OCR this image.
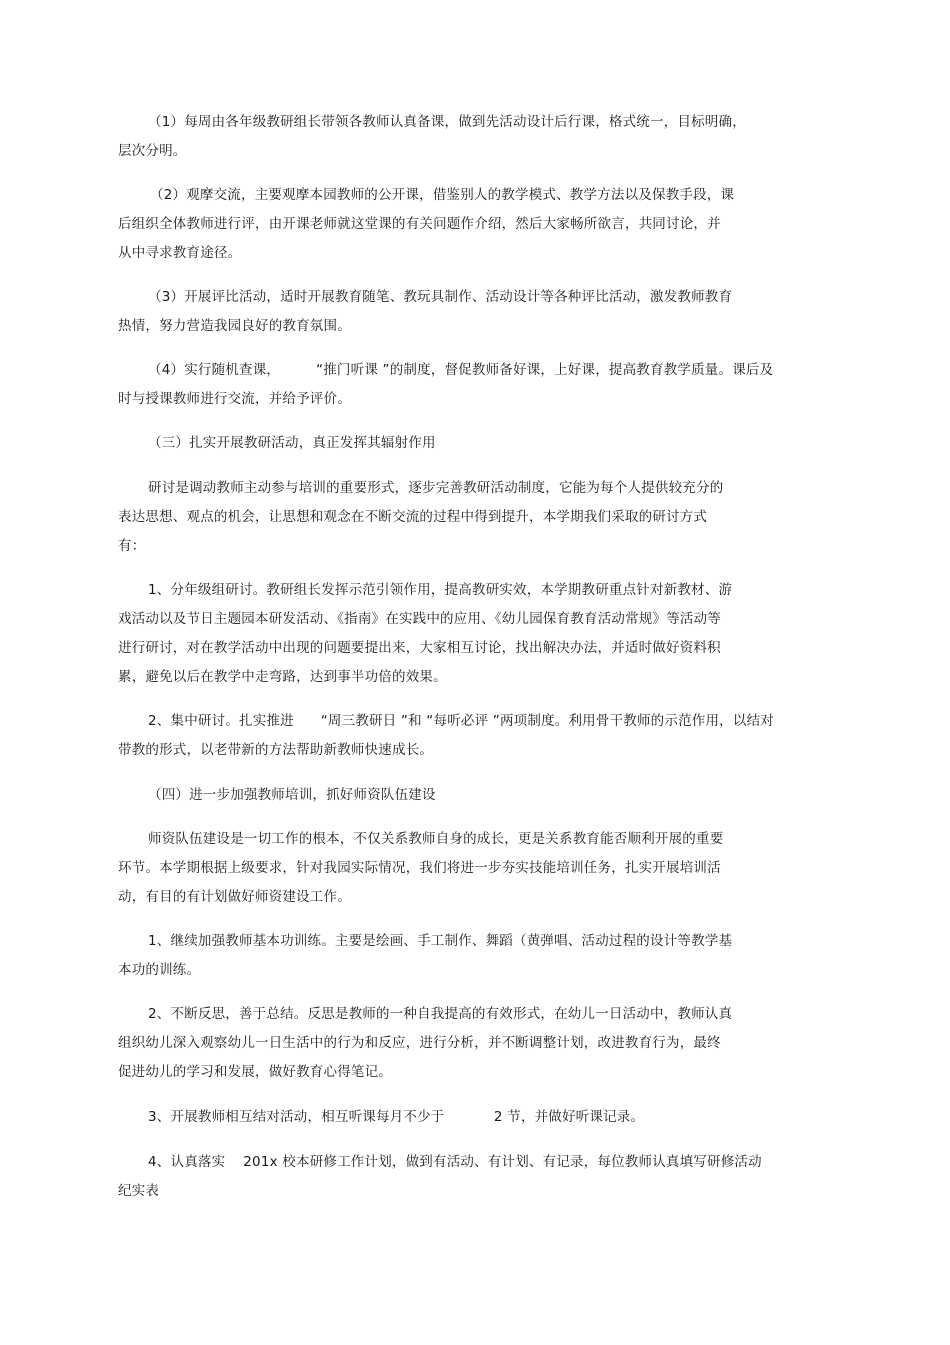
（1）每周由各年级教研组长带领各教师认真备课，做到先活动设计后行课，格式统一，目标明确，
层次分明。
（2）观摩交流，主要观摩本园教师的公开课，借鉴别人的教学模式、教学方法以及保教手段，课
后组织全体教师进行评，由开课老师就这堂课的有关问题作介绍，然后大家畅所欲言，共同讨论，并
从中寻求教育途径。
（3）开展评比活动，适时开展教育随笔、教玩具制作、活动设计等各种评比活动，激发教师教育
热情，努力营造我园良好的教育氛围。
（4）实行随机查课，        “推门听课 ”的制度，督促教师备好课，上好课，提高教育教学质量。课后及
时与授课教师进行交流，并给予评价。
（三）扎实开展教研活动，真正发挥其辐射作用
研讨是调动教师主动参与培训的重要形式，逐步完善教研活动制度，它能为每个人提供较充分的
表达思想、观点的机会，让思想和观念在不断交流的过程中得到提升，本学期我们采取的研讨方式
有：
1、分年级组研讨。教研组长发挥示范引领作用，提高教研实效，本学期教研重点针对新教材、游
戏活动以及节日主题园本研发活动、《指南》在实践中的应用、《幼儿园保育教育活动常规》等活动等
进行研讨，对在教学活动中出现的问题要提出来，大家相互讨论，找出解决办法，并适时做好资料积
累，避免以后在教学中走弯路，达到事半功倍的效果。
2、集中研讨。扎实推进      “周三教研日 ”和 “每听必评 ”两项制度。利用骨干教师的示范作用，以结对
带教的形式，以老带新的方法帮助新教师快速成长。
（四）进一步加强教师培训，抓好师资队伍建设
师资队伍建设是一切工作的根本，不仅关系教师自身的成长，更是关系教育能否顺利开展的重要
环节。本学期根据上级要求，针对我园实际情况，我们将进一步夯实技能培训任务，扎实开展培训活
动，有目的有计划做好师资建设工作。
1、继续加强教师基本功训练。主要是绘画、手工制作、舞蹈（黄弹唱、活动过程的设计等教学基
本功的训练。
2、不断反思，善于总结。反思是教师的一种自我提高的有效形式，在幼儿一日活动中，教师认真
组织幼儿深入观察幼儿一日生活中的行为和反应，进行分析，并不断调整计划，改进教育行为，最终
促进幼儿的学习和发展，做好教育心得笔记。
3、开展教师相互结对活动，相互听课每月不少于           2 节，并做好听课记录。
4、认真落实    201x 校本研修工作计划，做到有活动、有计划、有记录，每位教师认真填写研修活动
纪实表
